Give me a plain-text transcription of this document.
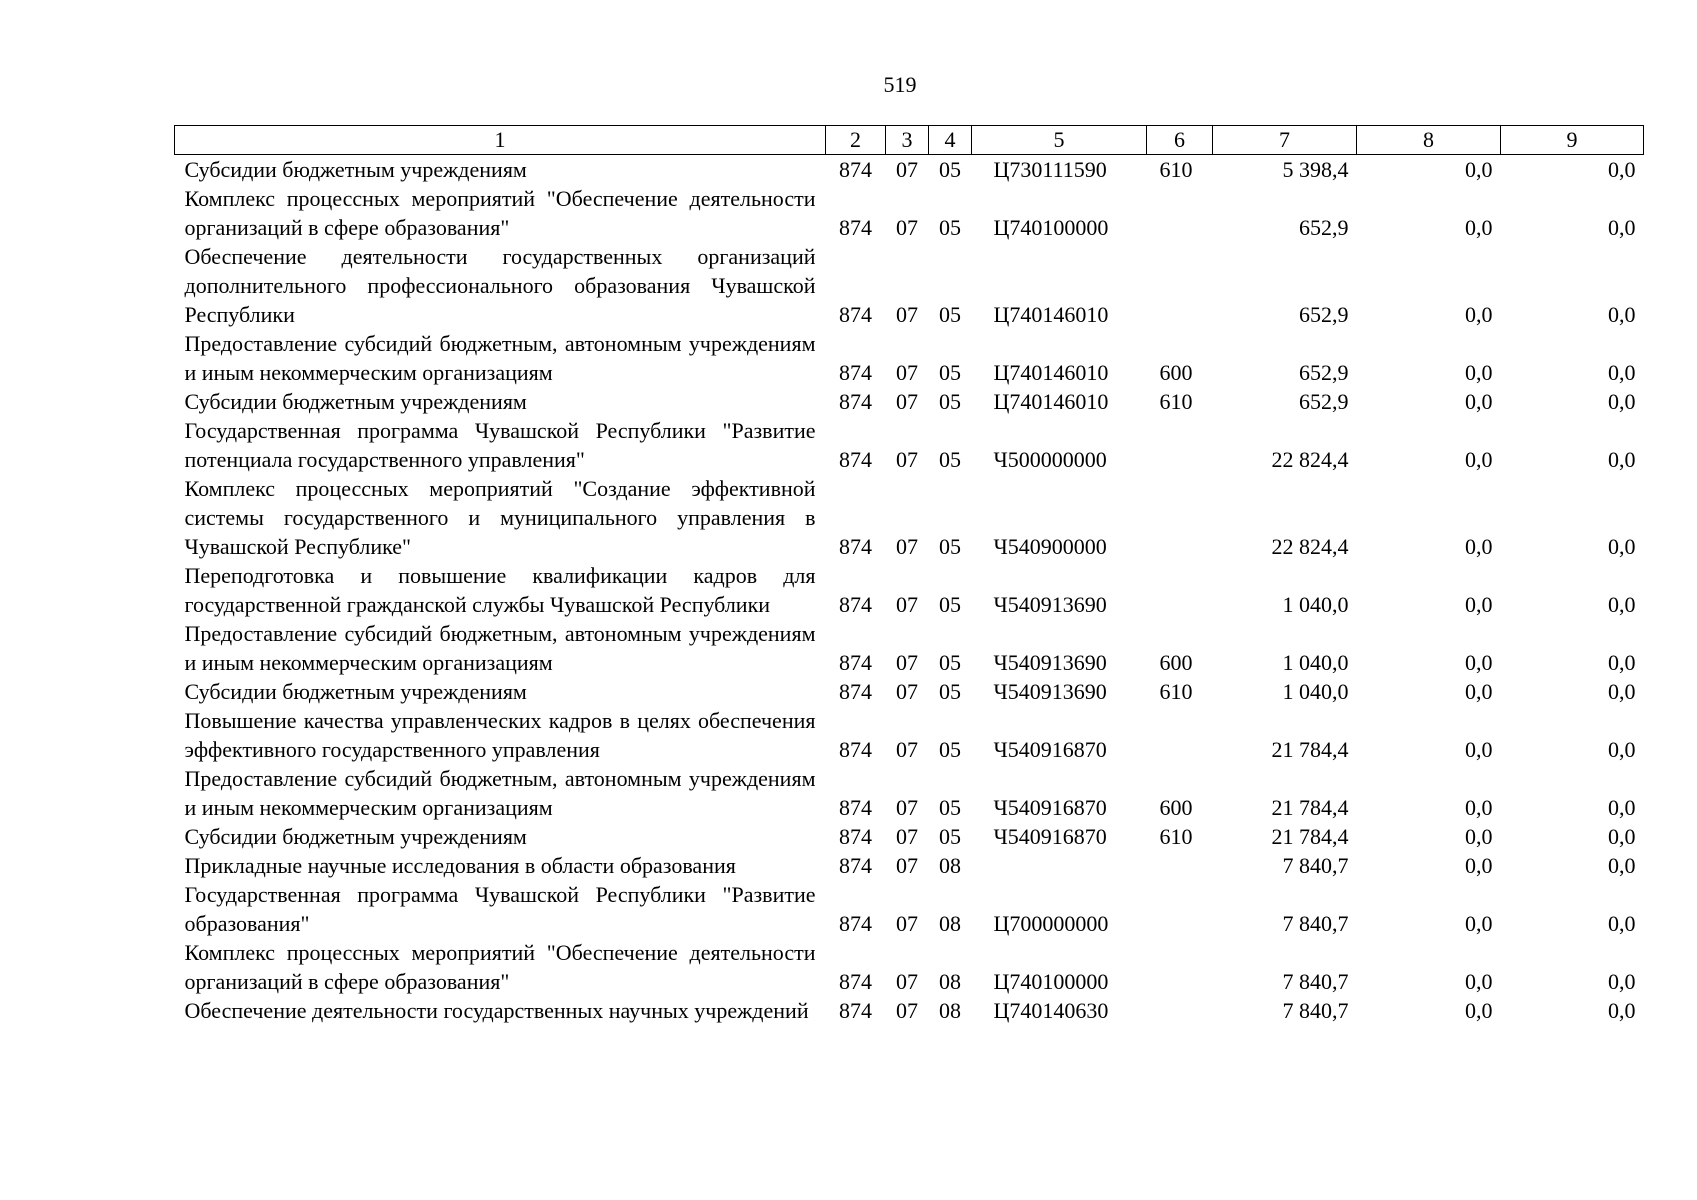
519
1	2	3	4	5	6	7	8	9
Субсидии бюджетным учреждениям	874	07	05	Ц730111590	610	5 398,4	0,0	0,0
Комплекс процессных мероприятий "Обеспечение деятельности организаций в сфере образования"	874	07	05	Ц740100000		652,9	0,0	0,0
Обеспечение деятельности государственных организаций дополнительного профессионального образования Чувашской Республики	874	07	05	Ц740146010		652,9	0,0	0,0
Предоставление субсидий бюджетным, автономным учреждениям и иным некоммерческим организациям	874	07	05	Ц740146010	600	652,9	0,0	0,0
Субсидии бюджетным учреждениям	874	07	05	Ц740146010	610	652,9	0,0	0,0
Государственная программа Чувашской Республики "Развитие потенциала государственного управления"	874	07	05	Ч500000000		22 824,4	0,0	0,0
Комплекс процессных мероприятий "Создание эффективной системы государственного и муниципального управления в Чувашской Республике"	874	07	05	Ч540900000		22 824,4	0,0	0,0
Переподготовка и повышение квалификации кадров для государственной гражданской службы Чувашской Республики	874	07	05	Ч540913690		1 040,0	0,0	0,0
Предоставление субсидий бюджетным, автономным учреждениям и иным некоммерческим организациям	874	07	05	Ч540913690	600	1 040,0	0,0	0,0
Субсидии бюджетным учреждениям	874	07	05	Ч540913690	610	1 040,0	0,0	0,0
Повышение качества управленческих кадров в целях обеспечения эффективного государственного управления	874	07	05	Ч540916870		21 784,4	0,0	0,0
Предоставление субсидий бюджетным, автономным учреждениям и иным некоммерческим организациям	874	07	05	Ч540916870	600	21 784,4	0,0	0,0
Субсидии бюджетным учреждениям	874	07	05	Ч540916870	610	21 784,4	0,0	0,0
Прикладные научные исследования в области образования	874	07	08			7 840,7	0,0	0,0
Государственная программа Чувашской Республики "Развитие образования"	874	07	08	Ц700000000		7 840,7	0,0	0,0
Комплекс процессных мероприятий "Обеспечение деятельности организаций в сфере образования"	874	07	08	Ц740100000		7 840,7	0,0	0,0
Обеспечение деятельности государственных научных учреждений	874	07	08	Ц740140630		7 840,7	0,0	0,0
